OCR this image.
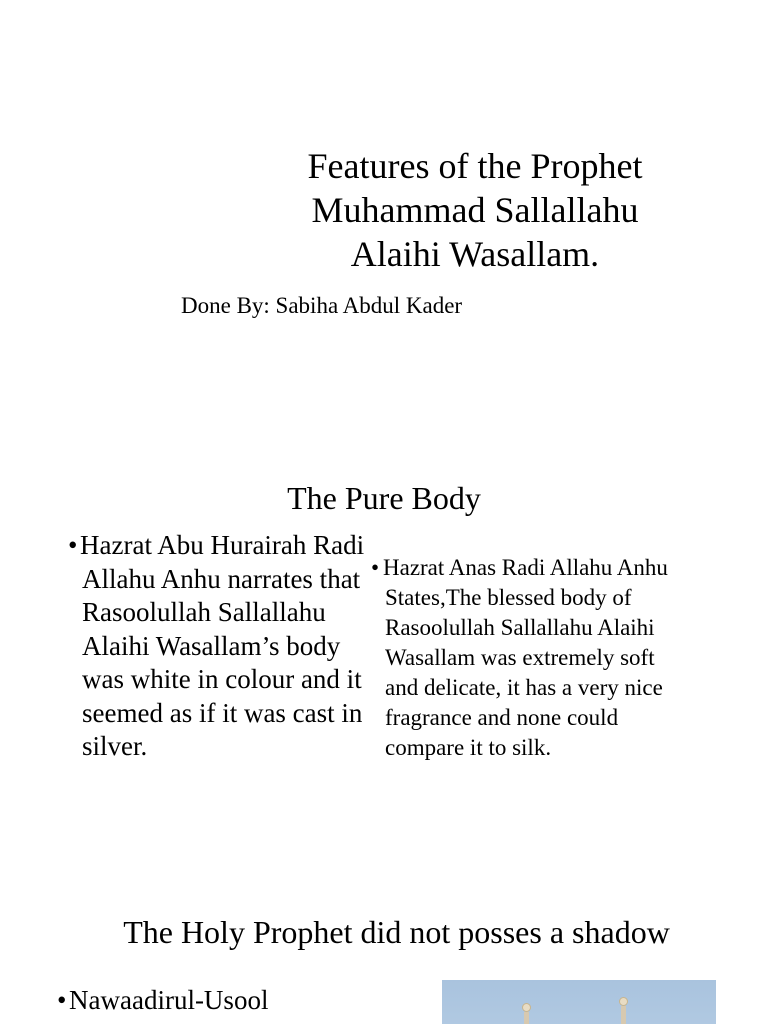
Features of the Prophet
Muhammad Sallallahu
Alaihi Wasallam.
Done By: Sabiha Abdul Kader
The Pure Body
•Hazrat Abu Hurairah Radi Allahu Anhu narrates that Rasoolullah Sallallahu Alaihi Wasallam’s body was white in colour and it seemed as if it was cast in silver.
• Hazrat Anas Radi Allahu Anhu States,The blessed body of Rasoolullah Sallallahu Alaihi Wasallam was extremely soft and delicate, it has a very nice fragrance and none could compare it to silk.
The Holy Prophet did not posses a shadow
•Nawaadirul-Usool
